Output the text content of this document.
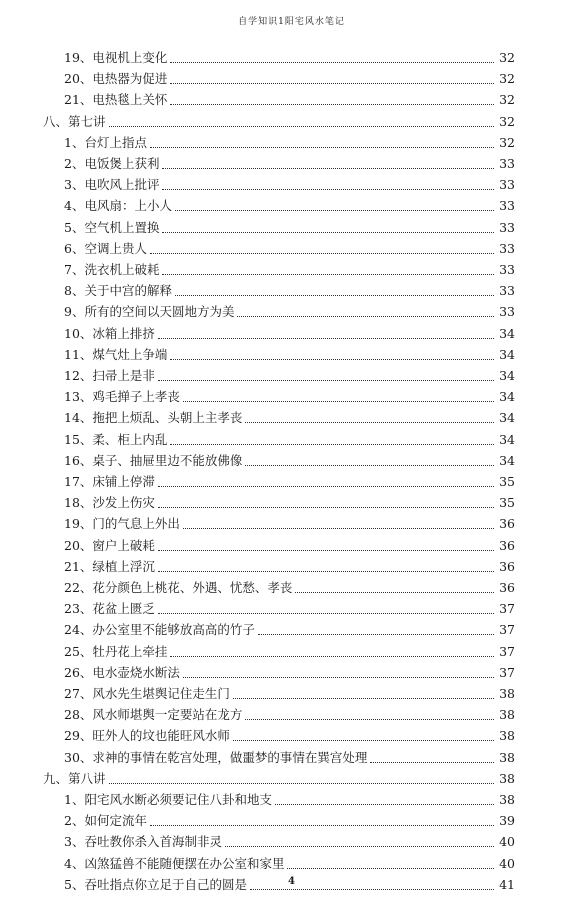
自学知识1阳宅风水笔记
19、 电视机上变化	32
20、 电热器为促进	32
21、 电热毯上关怀	32
八、 第七讲	32
1、 台灯上指点	32
2、 电饭煲上获利	33
3、 电吹风上批评	33
4、 电风扇：上小人	33
5、 空气机上置换	33
6、 空调上贵人	33
7、 洗衣机上破耗	33
8、 关于中宫的解释	33
9、 所有的空间以天圆地方为美	33
10、 冰箱上排挤	34
11、 煤气灶上争端	34
12、 扫帚上是非	34
13、 鸡毛掸子上孝丧	34
14、 拖把上烦乱、头朝上主孝丧	34
15、 柔、柜上内乱	34
16、 桌子、抽屉里边不能放佛像	34
17、 床铺上停滞	35
18、 沙发上伤灾	35
19、 门的气息上外出	36
20、 窗户上破耗	36
21、 绿植上浮沉	36
22、 花分颜色上桃花、外遇、忧愁、孝丧	36
23、 花盆上匮乏	37
24、 办公室里不能够放高高的竹子	37
25、 牡丹花上牵挂	37
26、 电水壶烧水断法	37
27、 风水先生堪舆记住走生门	38
28、 风水师堪舆一定要站在龙方	38
29、 旺外人的坟也能旺风水师	38
30、 求神的事情在乾宫处理，做噩梦的事情在巽宫处理	38
九、 第八讲	38
1、 阳宅风水断必须要记住八卦和地支	38
2、 如何定流年	39
3、 吞吐教你杀入首海制非灵	40
4、 凶煞猛兽不能随便摆在办公室和家里	40
5、 吞吐指点你立足于自己的圆是	41
4
